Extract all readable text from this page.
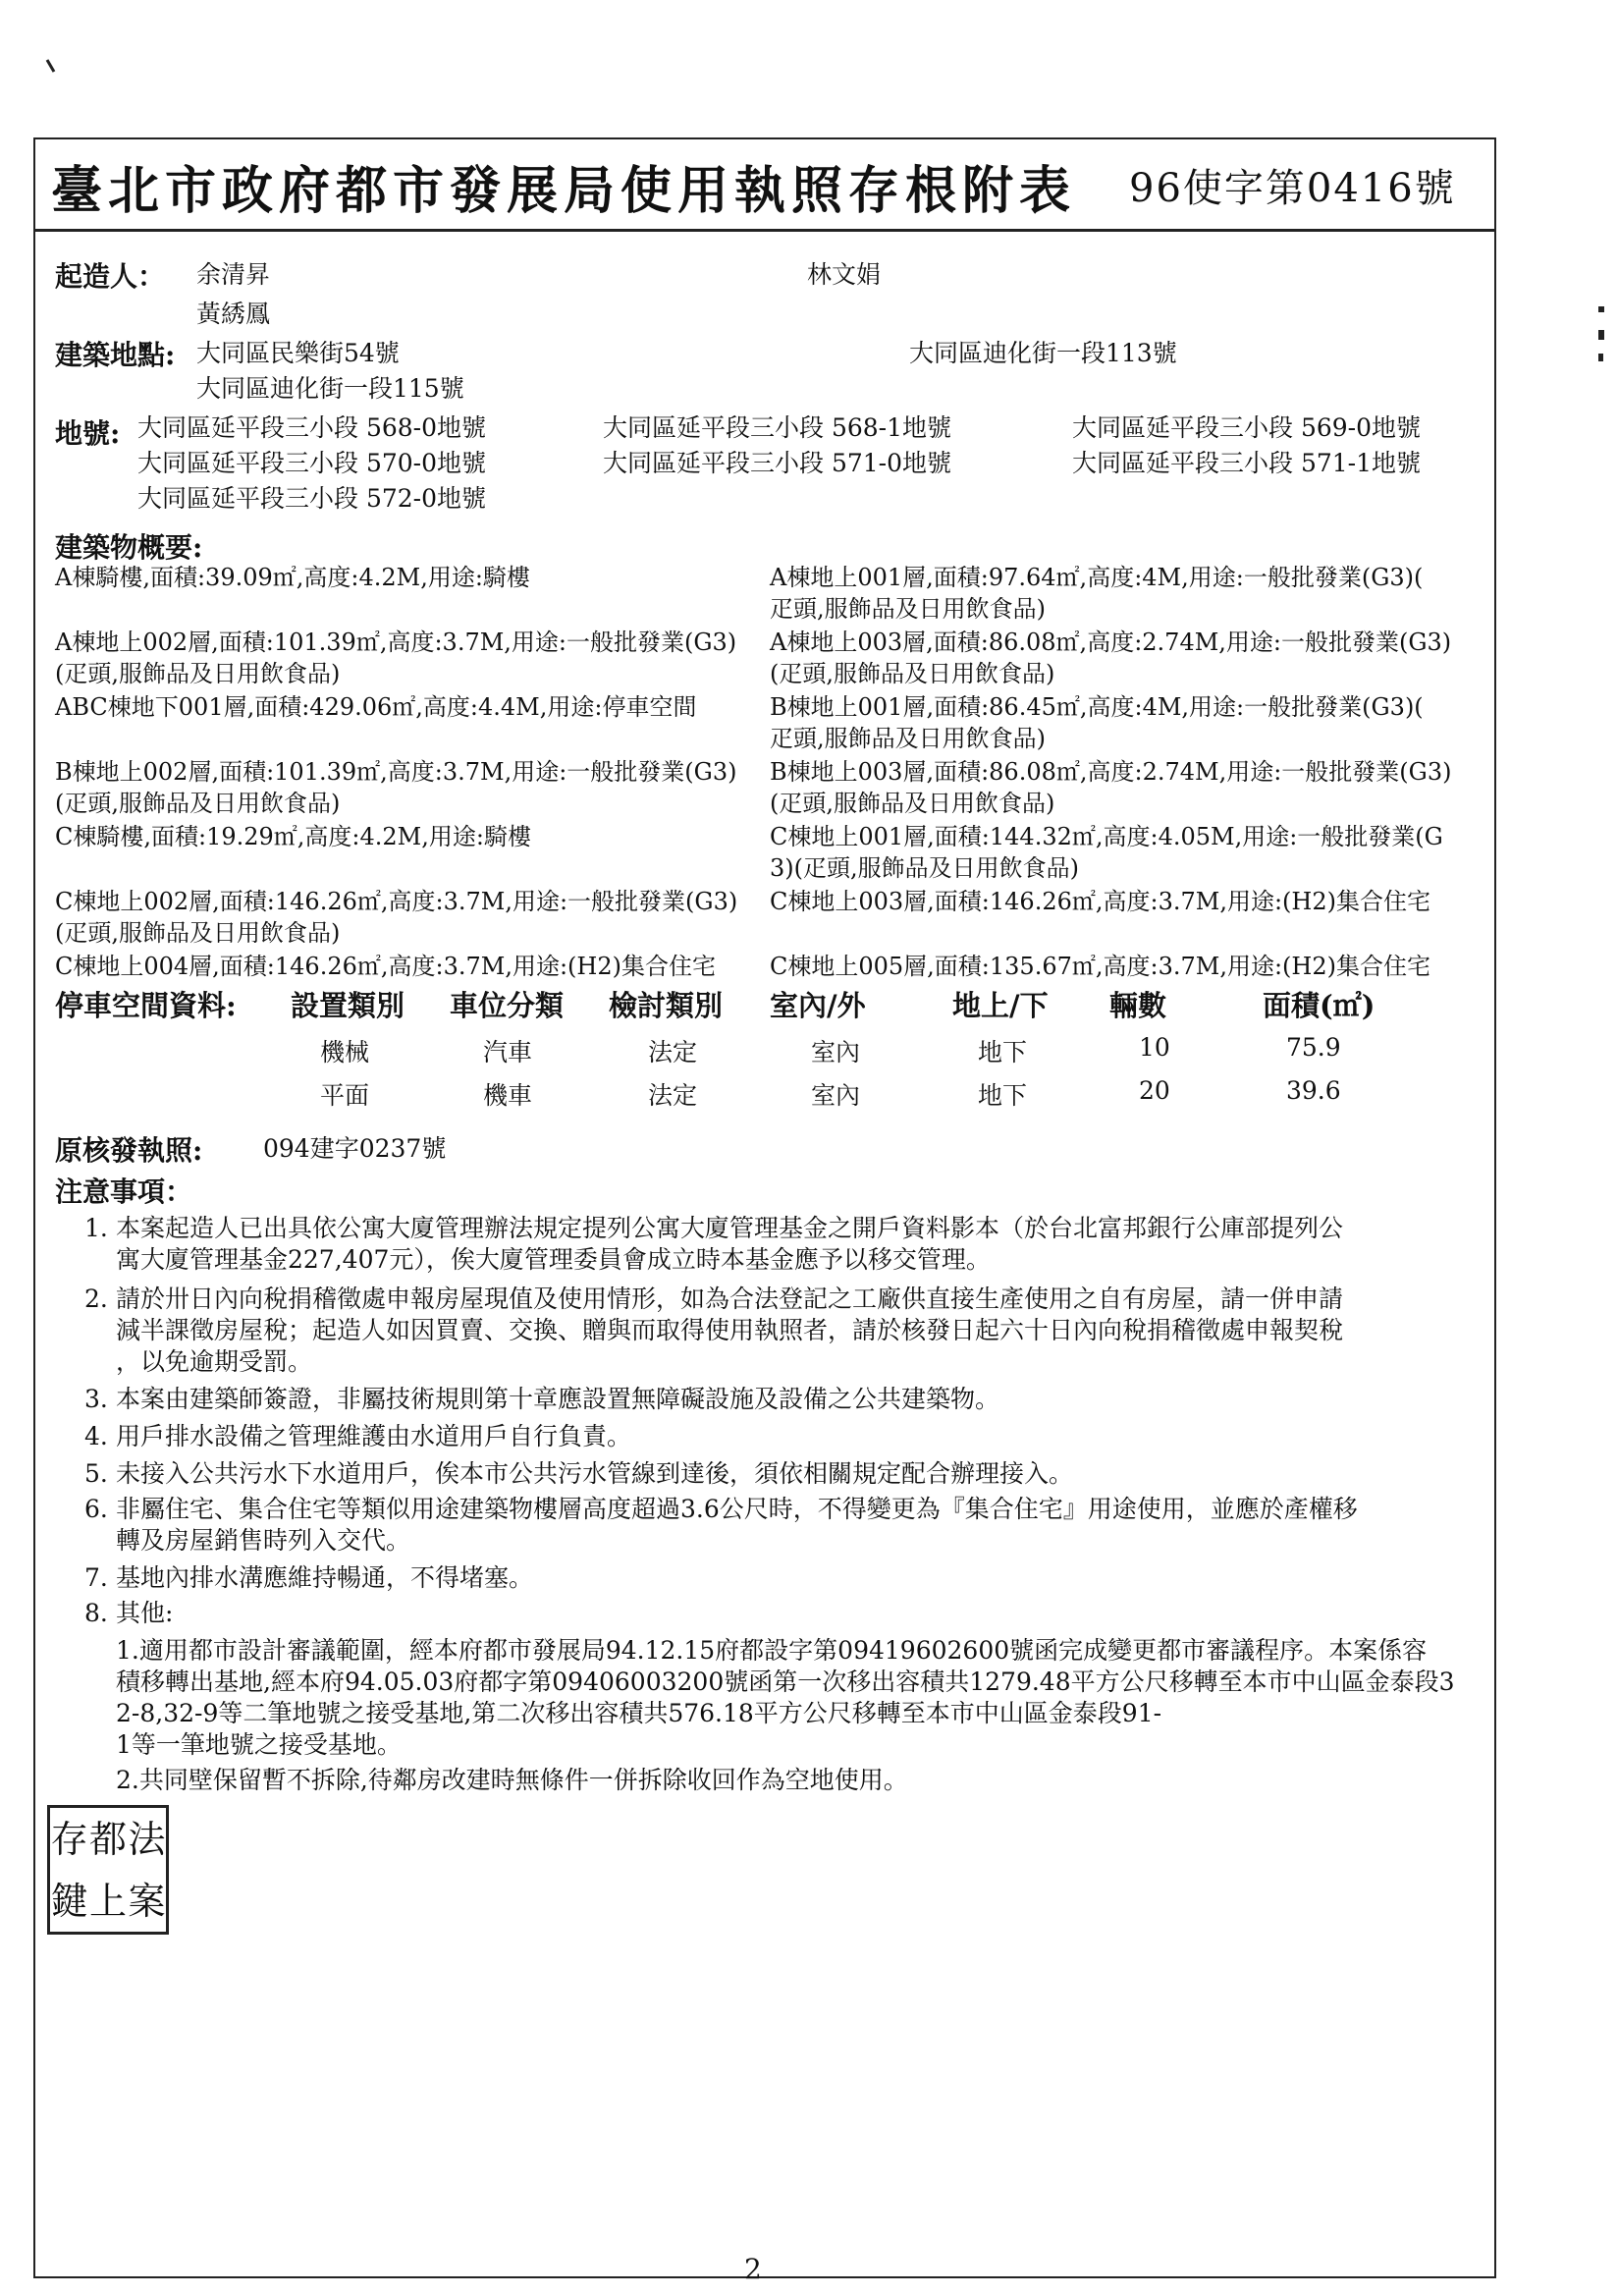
臺北市政府都市發展局使用執照存根附表 96使字第0416號
起造人： 余清昇	林文娟
黃綉鳳
建築地點: 大同區民樂街54號	大同區迪化街一段113號
大同區迪化街一段115號
地號: 大同區延平段三小段 568-0地號	大同區延平段三小段 568-1地號	大同區延平段三小段 569-0地號
大同區延平段三小段 570-0地號	大同區延平段三小段 571-0地號	大同區延平段三小段 571-1地號
大同區延平段三小段 572-0地號
建築物概要:
A棟騎樓,面積:39.09㎡,高度:4.2M,用途:騎樓	A棟地上001層,面積:97.64㎡,高度:4M,用途:一般批發業(G3)(
疋頭,服飾品及日用飲食品)
A棟地上002層,面積:101.39㎡,高度:3.7M,用途:一般批發業(G3) A棟地上003層,面積:86.08㎡,高度:2.74M,用途:一般批發業(G3)
(疋頭,服飾品及日用飲食品)	(疋頭,服飾品及日用飲食品)
ABC棟地下001層,面積:429.06㎡,高度:4.4M,用途:停車空間	B棟地上001層,面積:86.45㎡,高度:4M,用途:一般批發業(G3)(
疋頭,服飾品及日用飲食品)
B棟地上002層,面積:101.39㎡,高度:3.7M,用途:一般批發業(G3) B棟地上003層,面積:86.08㎡,高度:2.74M,用途:一般批發業(G3)
(疋頭,服飾品及日用飲食品)	(疋頭,服飾品及日用飲食品)
C棟騎樓,面積:19.29㎡,高度:4.2M,用途:騎樓	C棟地上001層,面積:144.32㎡,高度:4.05M,用途:一般批發業(G
3)(疋頭,服飾品及日用飲食品)
C棟地上002層,面積:146.26㎡,高度:3.7M,用途:一般批發業(G3) C棟地上003層,面積:146.26㎡,高度:3.7M,用途:(H2)集合住宅
(疋頭,服飾品及日用飲食品)
C棟地上004層,面積:146.26㎡,高度:3.7M,用途:(H2)集合住宅 C棟地上005層,面積:135.67㎡,高度:3.7M,用途:(H2)集合住宅
停車空間資料: 設置類別 車位分類 檢討類別 室內/外	地上/下 輛數	面積(㎡)
機械	汽車	法定	室內	地下	10	75.9
平面	機車	法定	室內	地下	20	39.6
原核發執照: 094建字0237號
注意事項：
1. 本案起造人已出具依公寓大廈管理辦法規定提列公寓大廈管理基金之開戶資料影本（於台北富邦銀行公庫部提列公
寓大廈管理基金227,407元），俟大廈管理委員會成立時本基金應予以移交管理。
2. 請於卅日內向稅捐稽徵處申報房屋現值及使用情形，如為合法登記之工廠供直接生產使用之自有房屋，請一併申請
減半課徵房屋稅；起造人如因買賣、交換、贈與而取得使用執照者，請於核發日起六十日內向稅捐稽徵處申報契稅
，以免逾期受罰。
3. 本案由建築師簽證，非屬技術規則第十章應設置無障礙設施及設備之公共建築物。
4. 用戶排水設備之管理維護由水道用戶自行負責。
5. 未接入公共污水下水道用戶，俟本市公共污水管線到達後，須依相關規定配合辦理接入。
6. 非屬住宅、集合住宅等類似用途建築物樓層高度超過3.6公尺時，不得變更為『集合住宅』用途使用，並應於產權移
轉及房屋銷售時列入交代。
7. 基地內排水溝應維持暢通，不得堵塞。
8. 其他:
1.適用都市設計審議範圍，經本府都市發展局94.12.15府都設字第09419602600號函完成變更都市審議程序。本案係容
積移轉出基地,經本府94.05.03府都字第09406003200號函第一次移出容積共1279.48平方公尺移轉至本市中山區金泰段3
2-8,32-9等二筆地號之接受基地,第二次移出容積共576.18平方公尺移轉至本市中山區金泰段91-
1等一筆地號之接受基地。
2.共同壁保留暫不拆除,待鄰房改建時無條件一併拆除收回作為空地使用。
存 都 法
鍵 上 案
2
